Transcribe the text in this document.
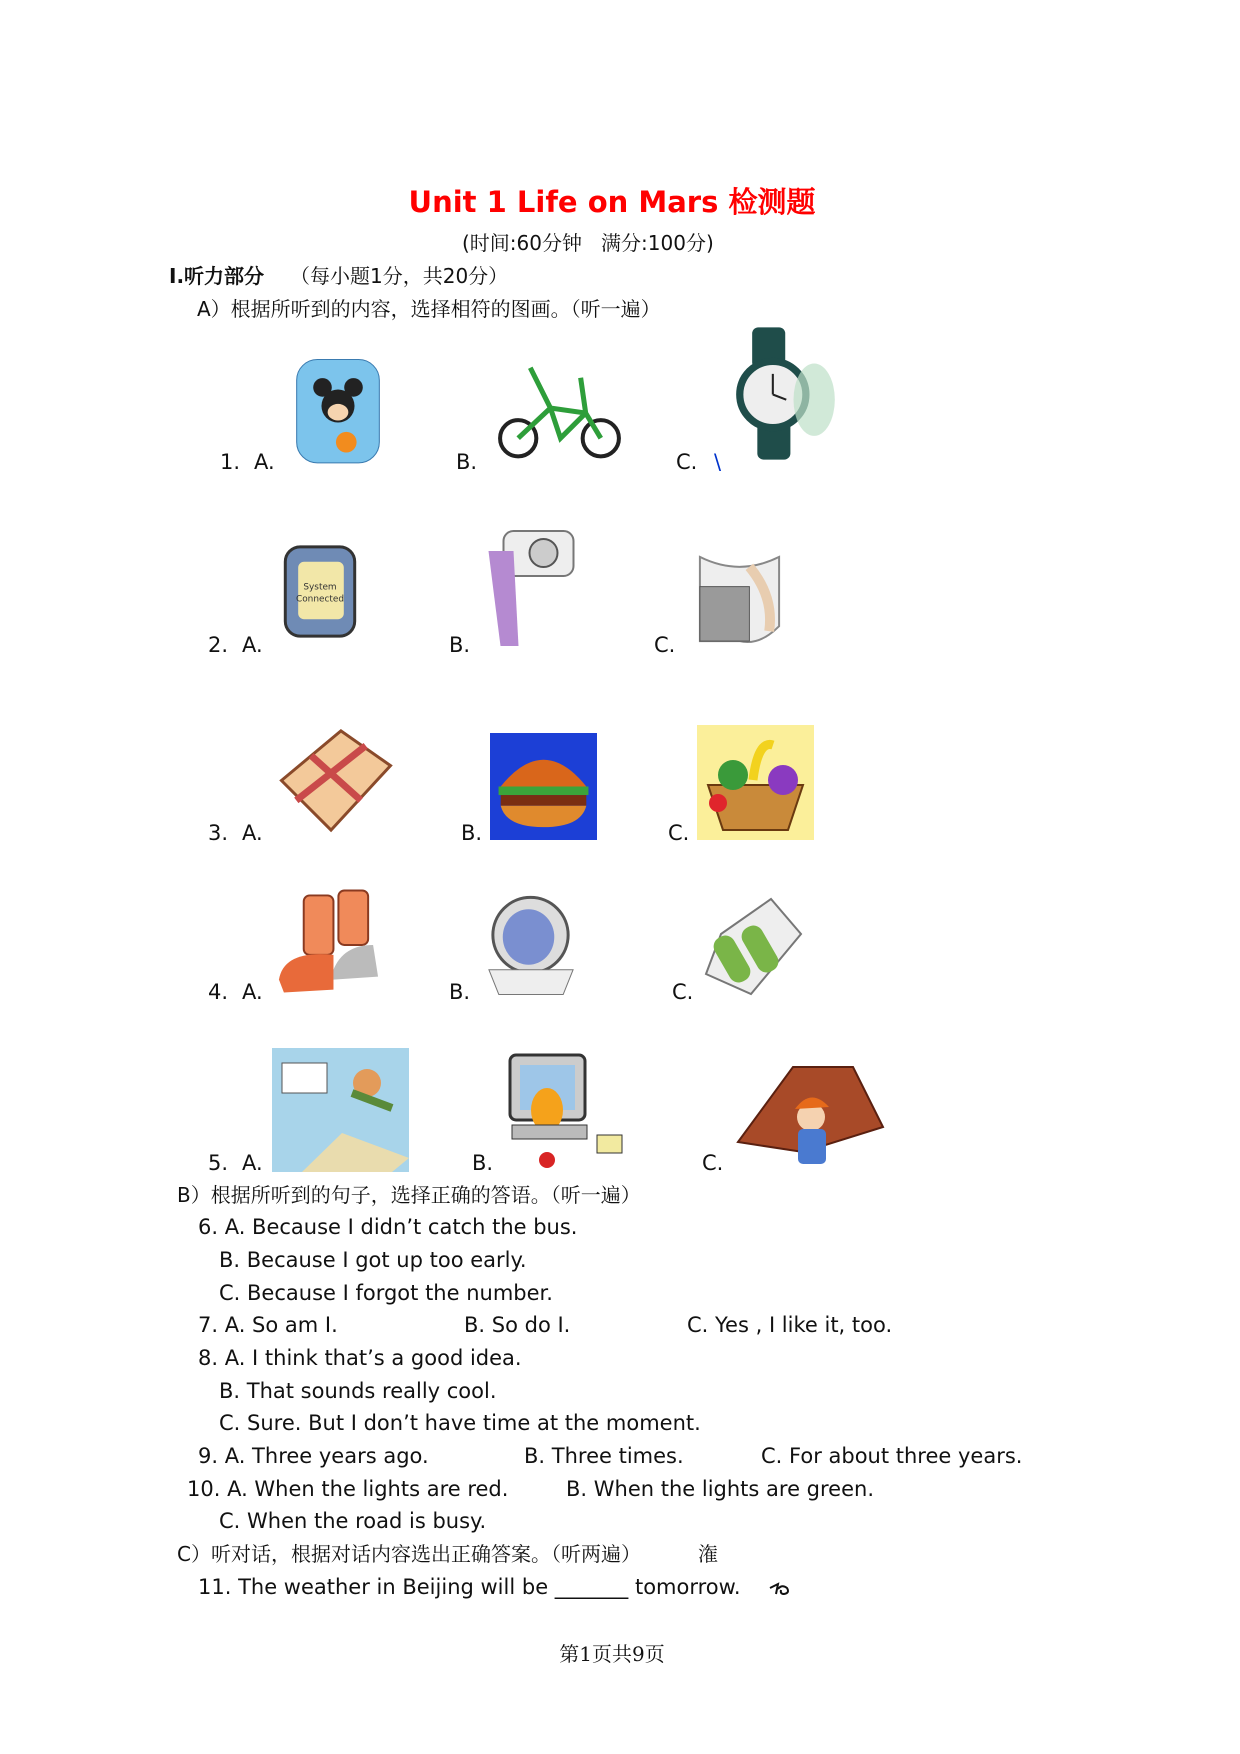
Unit 1 Life on Mars 检测题
(时间:60分钟   满分:100分)
Ⅰ.听力部分 （每小题1分，共20分）
A）根据所听到的内容，选择相符的图画。（听一遍）
1. A.	B.	C. \
2. A.	B.	C.
3. A.	B.	C.
4. A.	B.	C.
5. A.	B.	C.
System
Connected
B）根据所听到的句子，选择正确的答语。（听一遍）
6. A. Because I didn’t catch the bus.
B. Because I got up too early.
C. Because I forgot the number.
7. A. So am I.	B. So do I.	C. Yes , I like it, too.
8. A. I think that’s a good idea.
B. That sounds really cool.
C. Sure. But I don’t have time at the moment.
9. A. Three years ago.	B. Three times.	C. For about three years.
10. A. When the lights are red.	B. When the lights are green.
C. When the road is busy.
C）听对话，根据对话内容选出正确答案。（听两遍）	潅
11. The weather in Beijing will be _______ tomorrow.
第1页共9页
